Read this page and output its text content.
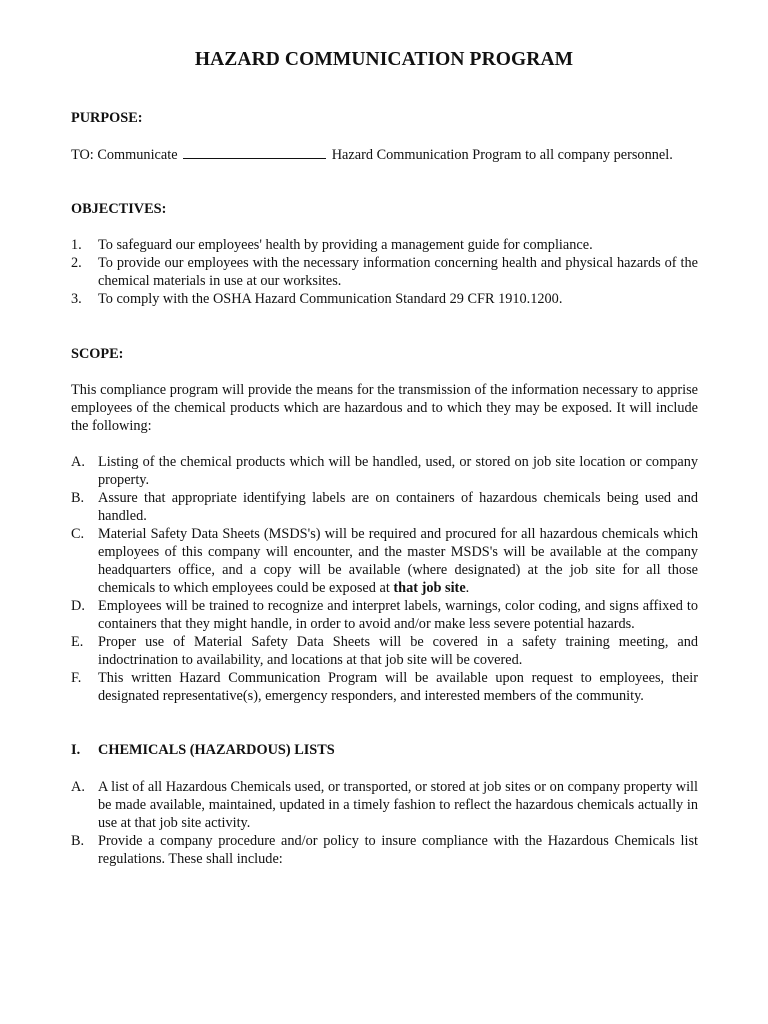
HAZARD COMMUNICATION PROGRAM
PURPOSE:
TO: Communicate	Hazard Communication Program to all company personnel.
OBJECTIVES:
1. To safeguard our employees' health by providing a management guide for compliance.
2. To provide our employees with the necessary information concerning health and physical hazards of the chemical materials in use at our worksites.
3. To comply with the OSHA Hazard Communication Standard 29 CFR 1910.1200.
SCOPE:
This compliance program will provide the means for the transmission of the information necessary to apprise employees of the chemical products which are hazardous and to which they may be exposed. It will include the following:
A. Listing of the chemical products which will be handled, used, or stored on job site location or company property.
B. Assure that appropriate identifying labels are on containers of hazardous chemicals being used and handled.
C. Material Safety Data Sheets (MSDS's) will be required and procured for all hazardous chemicals which employees of this company will encounter, and the master MSDS's will be available at the company headquarters office, and a copy will be available (where designated) at the job site for all those chemicals to which employees could be exposed at that job site.
D. Employees will be trained to recognize and interpret labels, warnings, color coding, and signs affixed to containers that they might handle, in order to avoid and/or make less severe potential hazards.
E. Proper use of Material Safety Data Sheets will be covered in a safety training meeting, and indoctrination to availability, and locations at that job site will be covered.
F. This written Hazard Communication Program will be available upon request to employees, their designated representative(s), emergency responders, and interested members of the community.
I. CHEMICALS (HAZARDOUS) LISTS
A. A list of all Hazardous Chemicals used, or transported, or stored at job sites or on company property will be made available, maintained, updated in a timely fashion to reflect the hazardous chemicals actually in use at that job site activity.
B. Provide a company procedure and/or policy to insure compliance with the Hazardous Chemicals list regulations. These shall include:
